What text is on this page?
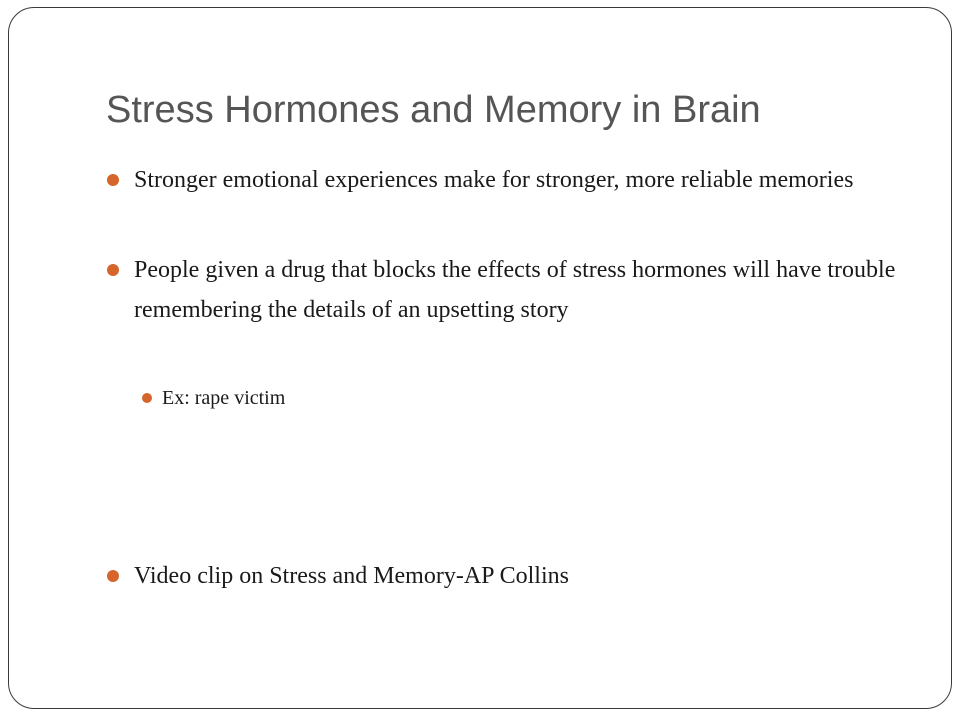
Stress Hormones and Memory in Brain
Stronger emotional experiences make for stronger, more reliable memories
People given a drug that blocks the effects of stress hormones will have trouble remembering the details of an upsetting story
Ex: rape victim
Video clip on Stress and Memory-AP Collins
